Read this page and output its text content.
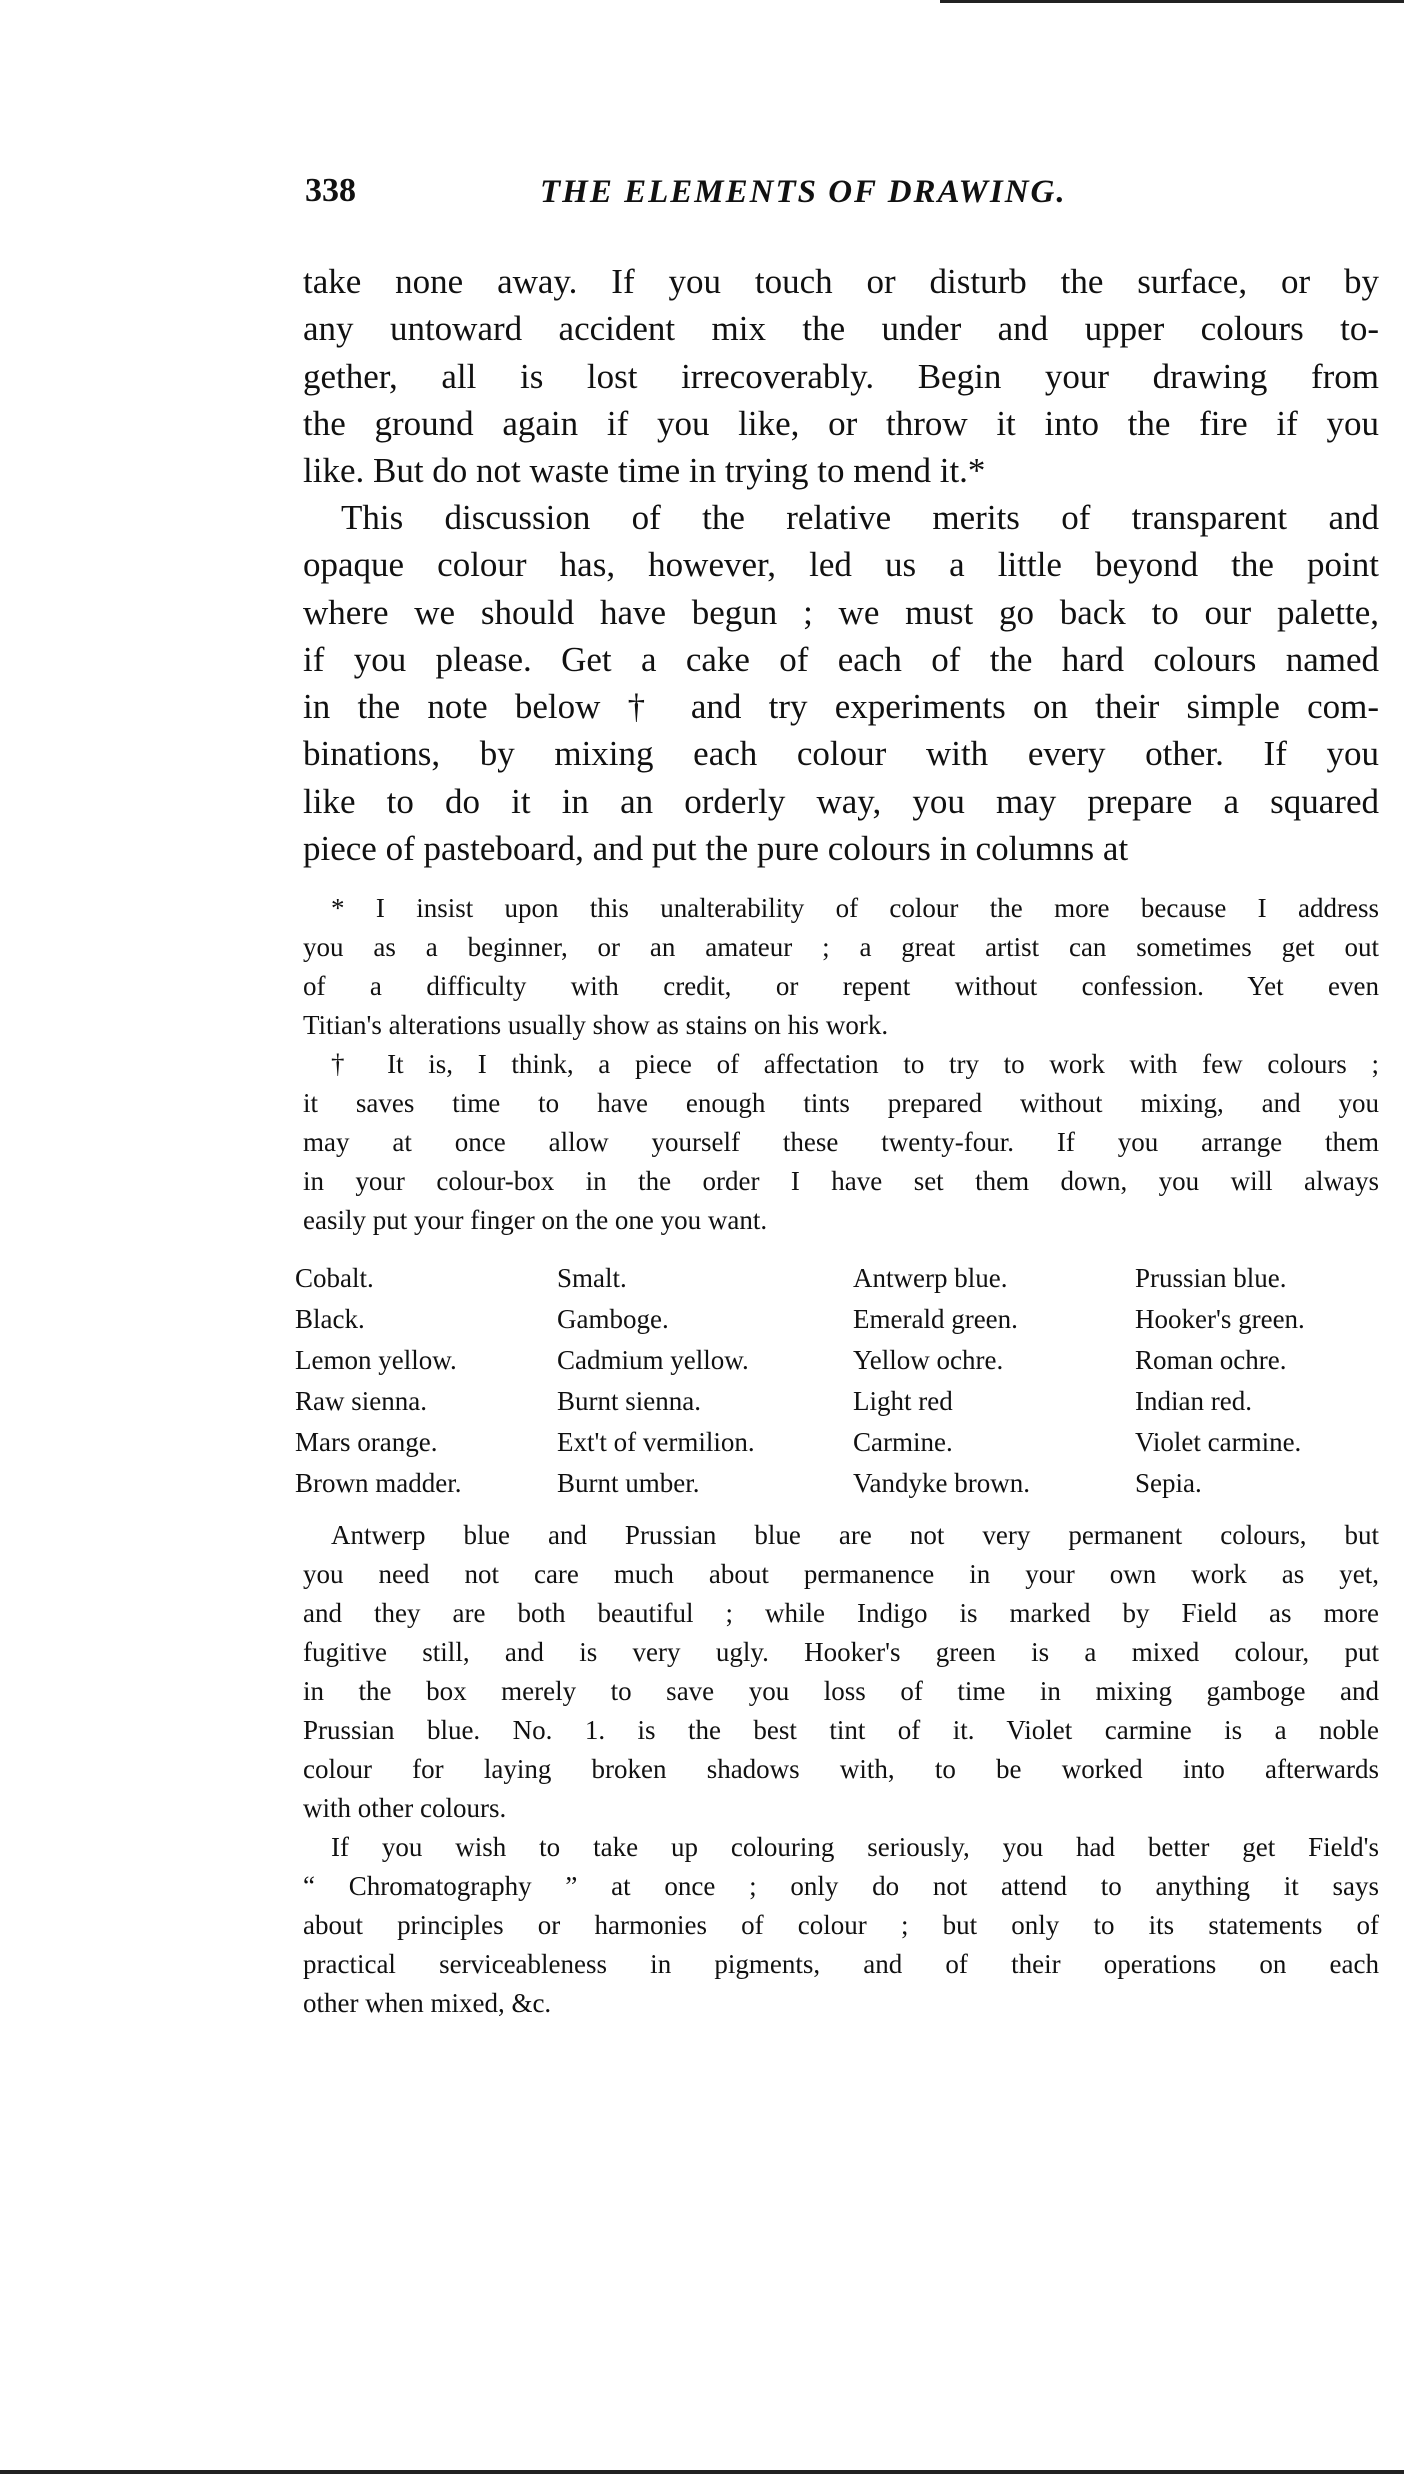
338	THE ELEMENTS OF DRAWING.
take none away. If you touch or disturb the surface, or by
any untoward accident mix the under and upper colours to-
gether, all is lost irrecoverably. Begin your drawing from
the ground again if you like, or throw it into the fire if you
like. But do not waste time in trying to mend it.*
This discussion of the relative merits of transparent and
opaque colour has, however, led us a little beyond the point
where we should have begun ; we must go back to our palette,
if you please. Get a cake of each of the hard colours named
in the note below † and try experiments on their simple com-
binations, by mixing each colour with every other. If you
like to do it in an orderly way, you may prepare a squared
piece of pasteboard, and put the pure colours in columns at
* I insist upon this unalterability of colour the more because I address
you as a beginner, or an amateur ; a great artist can sometimes get out
of a difficulty with credit, or repent without confession. Yet even
Titian's alterations usually show as stains on his work.
† It is, I think, a piece of affectation to try to work with few colours ;
it saves time to have enough tints prepared without mixing, and you
may at once allow yourself these twenty-four. If you arrange them
in your colour-box in the order I have set them down, you will always
easily put your finger on the one you want.
Cobalt.	Smalt.	Antwerp blue.	Prussian blue.
Black.	Gamboge.	Emerald green.	Hooker's green.
Lemon yellow.	Cadmium yellow.	Yellow ochre.	Roman ochre.
Raw sienna.	Burnt sienna.	Light red	Indian red.
Mars orange.	Ext't of vermilion.	Carmine.	Violet carmine.
Brown madder.	Burnt umber.	Vandyke brown.	Sepia.
Antwerp blue and Prussian blue are not very permanent colours, but
you need not care much about permanence in your own work as yet,
and they are both beautiful ; while Indigo is marked by Field as more
fugitive still, and is very ugly. Hooker's green is a mixed colour, put
in the box merely to save you loss of time in mixing gamboge and
Prussian blue. No. 1. is the best tint of it. Violet carmine is a noble
colour for laying broken shadows with, to be worked into afterwards
with other colours.
If you wish to take up colouring seriously, you had better get Field's
“ Chromatography ” at once ; only do not attend to anything it says
about principles or harmonies of colour ; but only to its statements of
practical serviceableness in pigments, and of their operations on each
other when mixed, &c.
